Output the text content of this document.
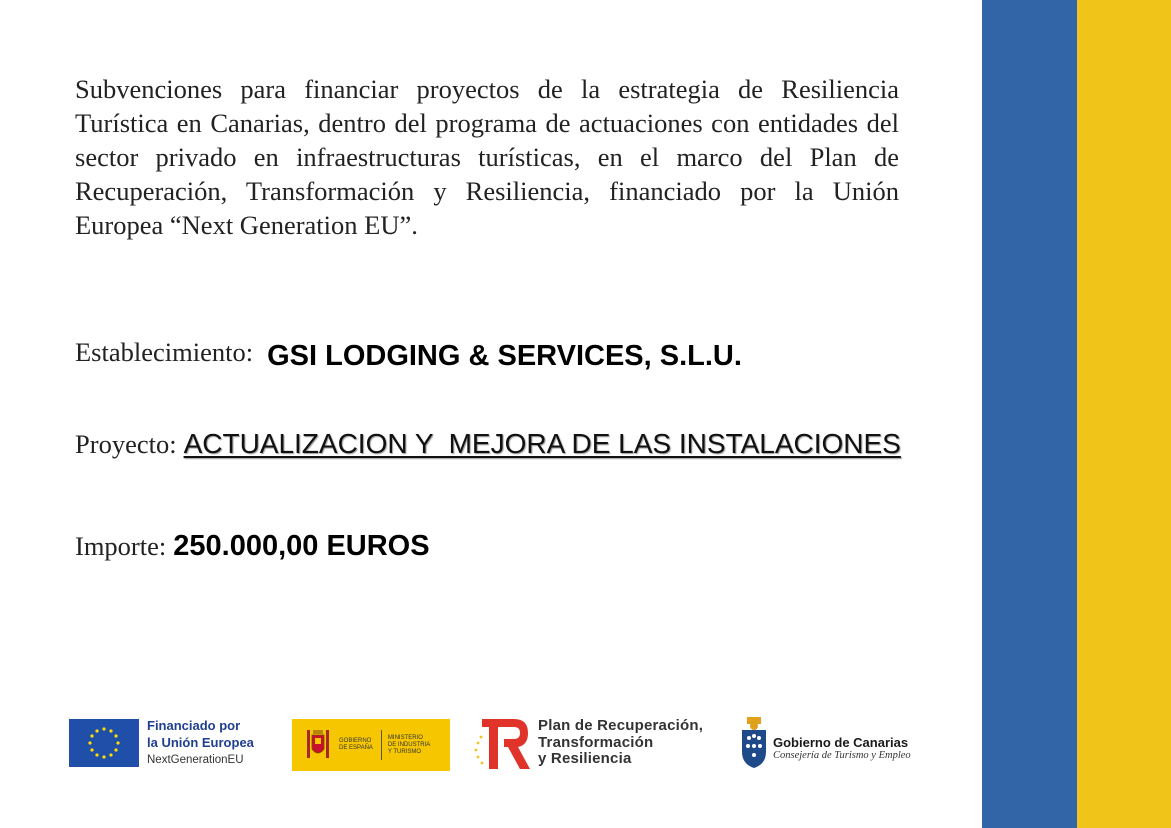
Subvenciones para financiar proyectos de la estrategia de Resiliencia Turística en Canarias, dentro del programa de actuaciones con entidades del sector privado en infraestructuras turísticas, en el marco del Plan de Recuperación, Transformación y Resiliencia, financiado por la Unión Europea “Next Generation EU”.

Establecimiento: GSI LODGING & SERVICES, S.L.U.
Proyecto: ACTUALIZACION Y  MEJORA DE LAS INSTALACIONES
Importe: 250.000,00 EUROS
Financiado por
la Unión Europea
NextGenerationEU
GOBIERNO
DE ESPAÑA
MINISTERIO
DE INDUSTRIA
Y TURISMO
Plan de Recuperación,
Transformación
y Resiliencia
Gobierno de Canarias
Consejería de Turismo y Empleo
